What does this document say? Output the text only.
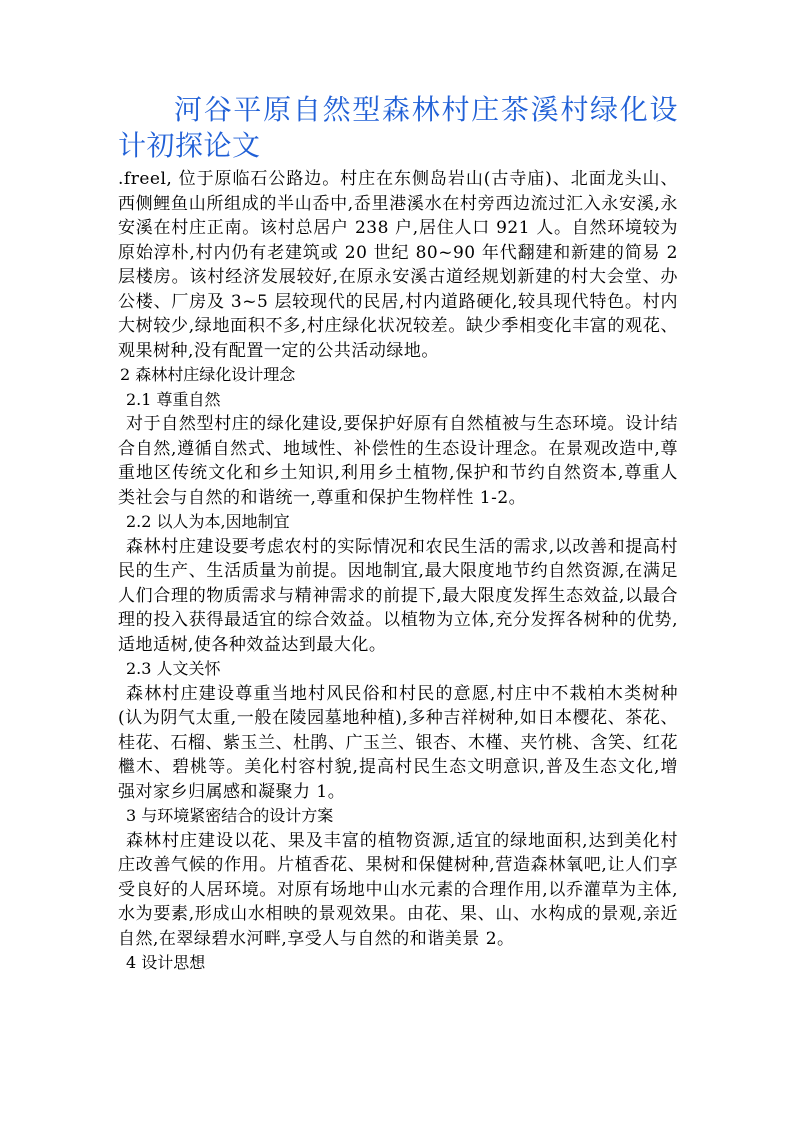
河谷平原自然型森林村庄茶溪村绿化设计初探论文

.freel, 位于原临石公路边。村庄在东侧岛岩山(古寺庙)、北面龙头山、西侧鲤鱼山所组成的半山岙中,岙里港溪水在村旁西边流过汇入永安溪,永安溪在村庄正南。该村总居户 238 户,居住人口 921 人。自然环境较为原始淳朴,村内仍有老建筑或 20 世纪 80~90 年代翻建和新建的简易 2 层楼房。该村经济发展较好,在原永安溪古道经规划新建的村大会堂、办公楼、厂房及 3~5 层较现代的民居,村内道路硬化,较具现代特色。村内大树较少,绿地面积不多,村庄绿化状况较差。缺少季相变化丰富的观花、观果树种,没有配置一定的公共活动绿地。

2 森林村庄绿化设计理念

2.1 尊重自然

对于自然型村庄的绿化建设,要保护好原有自然植被与生态环境。设计结合自然,遵循自然式、地域性、补偿性的生态设计理念。在景观改造中,尊重地区传统文化和乡土知识,利用乡土植物,保护和节约自然资本,尊重人类社会与自然的和谐统一,尊重和保护生物样性 1-2。

2.2 以人为本,因地制宜

森林村庄建设要考虑农村的实际情况和农民生活的需求,以改善和提高村民的生产、生活质量为前提。因地制宜,最大限度地节约自然资源,在满足人们合理的物质需求与精神需求的前提下,最大限度发挥生态效益,以最合理的投入获得最适宜的综合效益。以植物为立体,充分发挥各树种的优势,适地适树,使各种效益达到最大化。

2.3 人文关怀

森林村庄建设尊重当地村风民俗和村民的意愿,村庄中不栽柏木类树种(认为阴气太重,一般在陵园墓地种植),多种吉祥树种,如日本樱花、茶花、桂花、石榴、紫玉兰、杜鹃、广玉兰、银杏、木槿、夹竹桃、含笑、红花檵木、碧桃等。美化村容村貌,提高村民生态文明意识,普及生态文化,增强对家乡归属感和凝聚力 1。

3 与环境紧密结合的设计方案

森林村庄建设以花、果及丰富的植物资源,适宜的绿地面积,达到美化村庄改善气候的作用。片植香花、果树和保健树种,营造森林氧吧,让人们享受良好的人居环境。对原有场地中山水元素的合理作用,以乔灌草为主体,水为要素,形成山水相映的景观效果。由花、果、山、水构成的景观,亲近自然,在翠绿碧水河畔,享受人与自然的和谐美景 2。

4 设计思想
